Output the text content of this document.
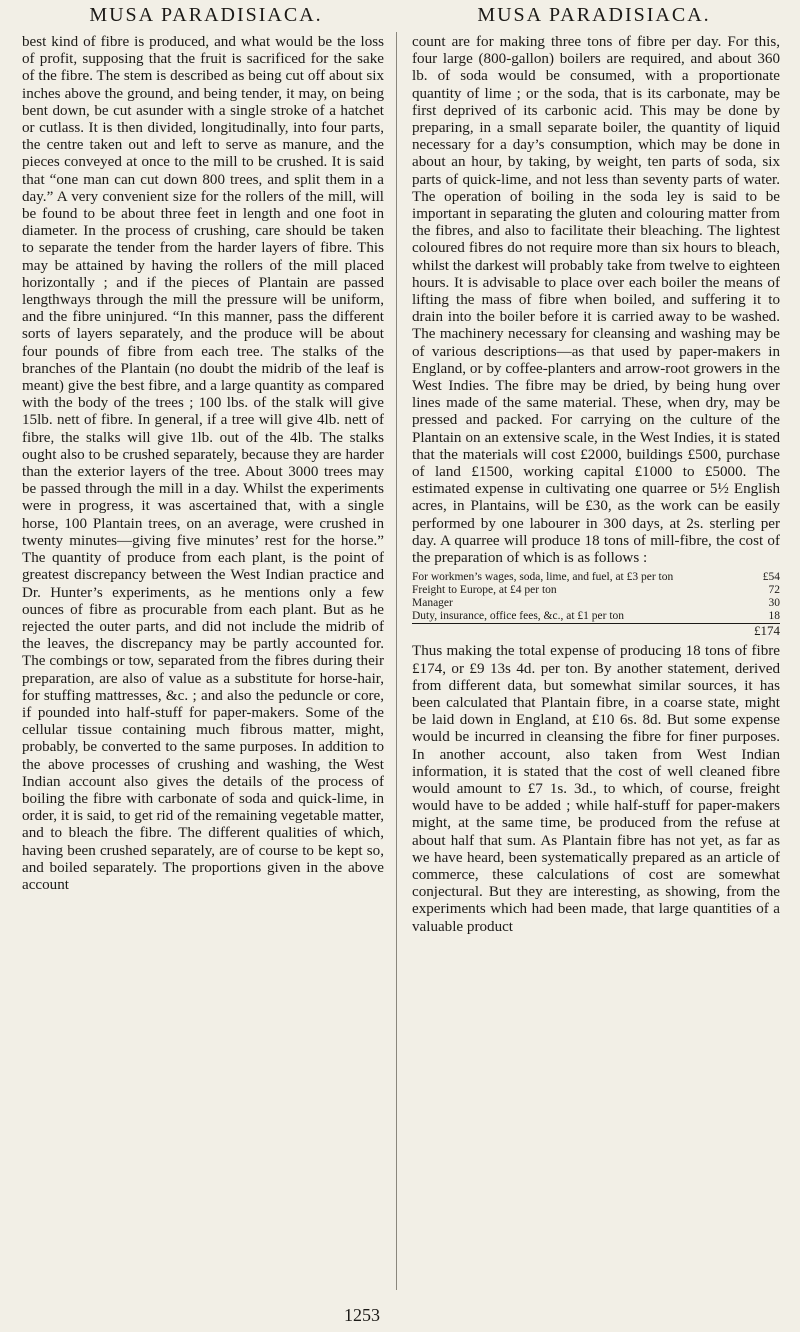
MUSA PARADISIACA.	MUSA PARADISIACA.

best kind of fibre is produced, and what would be the loss of profit, supposing that the fruit is sacrificed for the sake of the fibre. The stem is described as being cut off about six inches above the ground, and being tender, it may, on being bent down, be cut asunder with a single stroke of a hatchet or cutlass. It is then divided, longitudinally, into four parts, the centre taken out and left to serve as manure, and the pieces conveyed at once to the mill to be crushed. It is said that “one man can cut down 800 trees, and split them in a day.” A very convenient size for the rollers of the mill, will be found to be about three feet in length and one foot in diameter. In the process of crushing, care should be taken to separate the tender from the harder layers of fibre. This may be attained by having the rollers of the mill placed horizontally ; and if the pieces of Plantain are passed lengthways through the mill the pressure will be uniform, and the fibre uninjured. “In this manner, pass the different sorts of layers separately, and the produce will be about four pounds of fibre from each tree. The stalks of the branches of the Plantain (no doubt the midrib of the leaf is meant) give the best fibre, and a large quantity as compared with the body of the trees ; 100 lbs. of the stalk will give 15lb. nett of fibre. In general, if a tree will give 4lb. nett of fibre, the stalks will give 1lb. out of the 4lb. The stalks ought also to be crushed separately, because they are harder than the exterior layers of the tree. About 3000 trees may be passed through the mill in a day. Whilst the experiments were in progress, it was ascertained that, with a single horse, 100 Plantain trees, on an average, were crushed in twenty minutes—giving five minutes’ rest for the horse.” The quantity of produce from each plant, is the point of greatest discrepancy between the West Indian practice and Dr. Hunter’s experiments, as he mentions only a few ounces of fibre as procurable from each plant. But as he rejected the outer parts, and did not include the midrib of the leaves, the discrepancy may be partly accounted for. The combings or tow, separated from the fibres during their preparation, are also of value as a substitute for horse-hair, for stuffing mattresses, &c. ; and also the peduncle or core, if pounded into half-stuff for paper-makers. Some of the cellular tissue containing much fibrous matter, might, probably, be converted to the same purposes. In addition to the above processes of crushing and washing, the West Indian account also gives the details of the process of boiling the fibre with carbonate of soda and quick-lime, in order, it is said, to get rid of the remaining vegetable matter, and to bleach the fibre. The different qualities of which, having been crushed separately, are of course to be kept so, and boiled separately. The proportions given in the above account

count are for making three tons of fibre per day. For this, four large (800-gallon) boilers are required, and about 360 lb. of soda would be consumed, with a proportionate quantity of lime ; or the soda, that is its carbonate, may be first deprived of its carbonic acid. This may be done by preparing, in a small separate boiler, the quantity of liquid necessary for a day’s consumption, which may be done in about an hour, by taking, by weight, ten parts of soda, six parts of quick-lime, and not less than seventy parts of water. The operation of boiling in the soda ley is said to be important in separating the gluten and colouring matter from the fibres, and also to facilitate their bleaching. The lightest coloured fibres do not require more than six hours to bleach, whilst the darkest will probably take from twelve to eighteen hours. It is advisable to place over each boiler the means of lifting the mass of fibre when boiled, and suffering it to drain into the boiler before it is carried away to be washed. The machinery necessary for cleansing and washing may be of various descriptions—as that used by paper-makers in England, or by coffee-planters and arrow-root growers in the West Indies. The fibre may be dried, by being hung over lines made of the same material. These, when dry, may be pressed and packed. For carrying on the culture of the Plantain on an extensive scale, in the West Indies, it is stated that the materials will cost £2000, buildings £500, purchase of land £1500, working capital £1000 to £5000. The estimated expense in cultivating one quarree or 5½ English acres, in Plantains, will be £30, as the work can be easily performed by one labourer in 300 days, at 2s. sterling per day. A quarree will produce 18 tons of mill-fibre, the cost of the preparation of which is as follows :

For workmen’s wages, soda, lime, and fuel, at £3 per ton	£54
Freight to Europe, at £4 per ton	72
Manager	30
Duty, insurance, office fees, &c., at £1 per ton	18
	£174

Thus making the total expense of producing 18 tons of fibre £174, or £9 13s 4d. per ton. By another statement, derived from different data, but somewhat similar sources, it has been calculated that Plantain fibre, in a coarse state, might be laid down in England, at £10 6s. 8d. But some expense would be incurred in cleansing the fibre for finer purposes. In another account, also taken from West Indian information, it is stated that the cost of well cleaned fibre would amount to £7 1s. 3d., to which, of course, freight would have to be added ; while half-stuff for paper-makers might, at the same time, be produced from the refuse at about half that sum. As Plantain fibre has not yet, as far as we have heard, been systematically prepared as an article of commerce, these calculations of cost are somewhat conjectural. But they are interesting, as showing, from the experiments which had been made, that large quantities of a valuable product

1253
